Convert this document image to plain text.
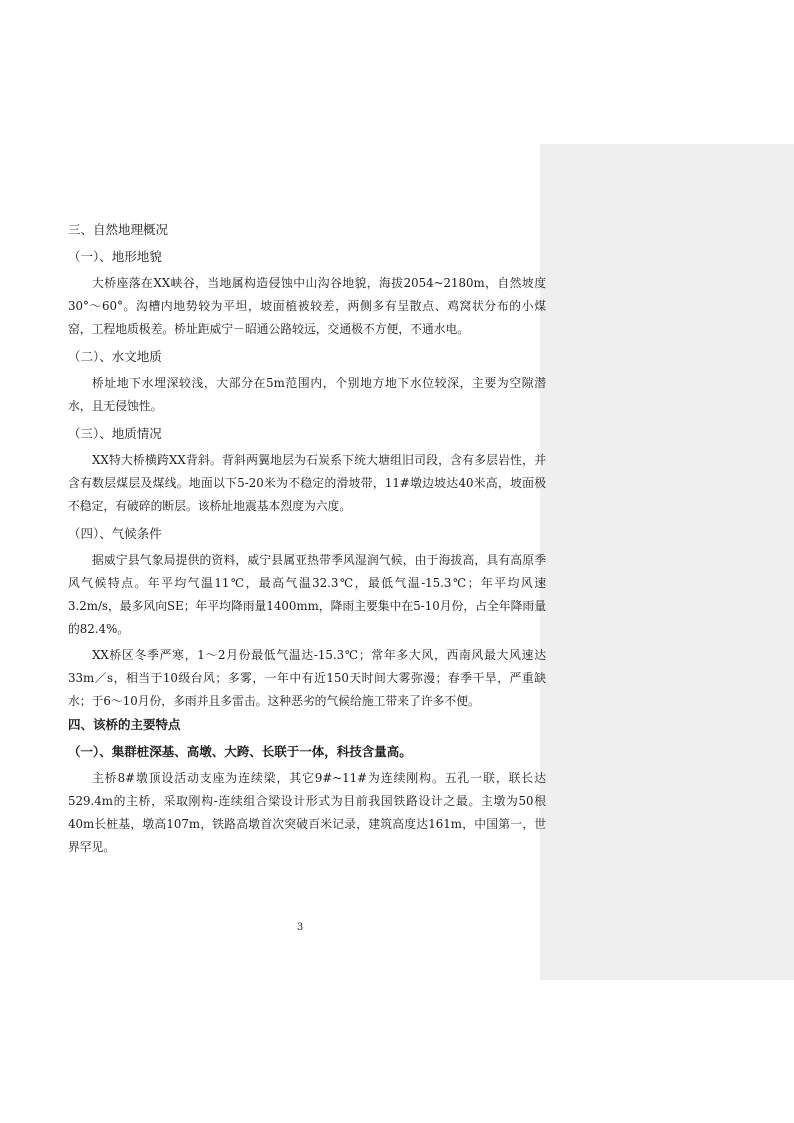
三、自然地理概况

（一）、地形地貌

大桥座落在XX峡谷，当地属构造侵蚀中山沟谷地貌，海拔2054~2180m，自然坡度30°～60°。沟槽内地势较为平坦，坡面植被较差，两侧多有呈散点、鸡窝状分布的小煤窑，工程地质极差。桥址距威宁－昭通公路较远，交通极不方便，不通水电。

（二）、水文地质

桥址地下水埋深较浅，大部分在5m范围内，个别地方地下水位较深，主要为空隙潜水，且无侵蚀性。

（三）、地质情况

XX特大桥横跨XX背斜。背斜两翼地层为石炭系下统大塘组旧司段，含有多层岩性，并含有数层煤层及煤线。地面以下5-20米为不稳定的滑坡带，11#墩边坡达40米高，坡面极不稳定，有破碎的断层。该桥址地震基本烈度为六度。

（四）、气候条件

据威宁县气象局提供的资料，威宁县属亚热带季风湿润气候，由于海拔高，具有高原季风气候特点。年平均气温11℃，最高气温32.3℃，最低气温-15.3℃；年平均风速3.2m/s，最多风向SE；年平均降雨量1400mm，降雨主要集中在5-10月份，占全年降雨量的82.4%。

XX桥区冬季严寒，1～2月份最低气温达-15.3℃；常年多大风，西南风最大风速达33m／s，相当于10级台风；多雾，一年中有近150天时间大雾弥漫；春季干旱，严重缺水；于6～10月份，多雨并且多雷击。这种恶劣的气候给施工带来了许多不便。

四、该桥的主要特点

（一）、集群桩深基、高墩、大跨、长联于一体，科技含量高。

主桥8#墩顶设活动支座为连续梁，其它9#~11#为连续刚构。五孔一联，联长达529.4m的主桥，采取刚构-连续组合梁设计形式为目前我国铁路设计之最。主墩为50根40m长桩基，墩高107m，铁路高墩首次突破百米记录，建筑高度达161m，中国第一，世界罕见。

3
